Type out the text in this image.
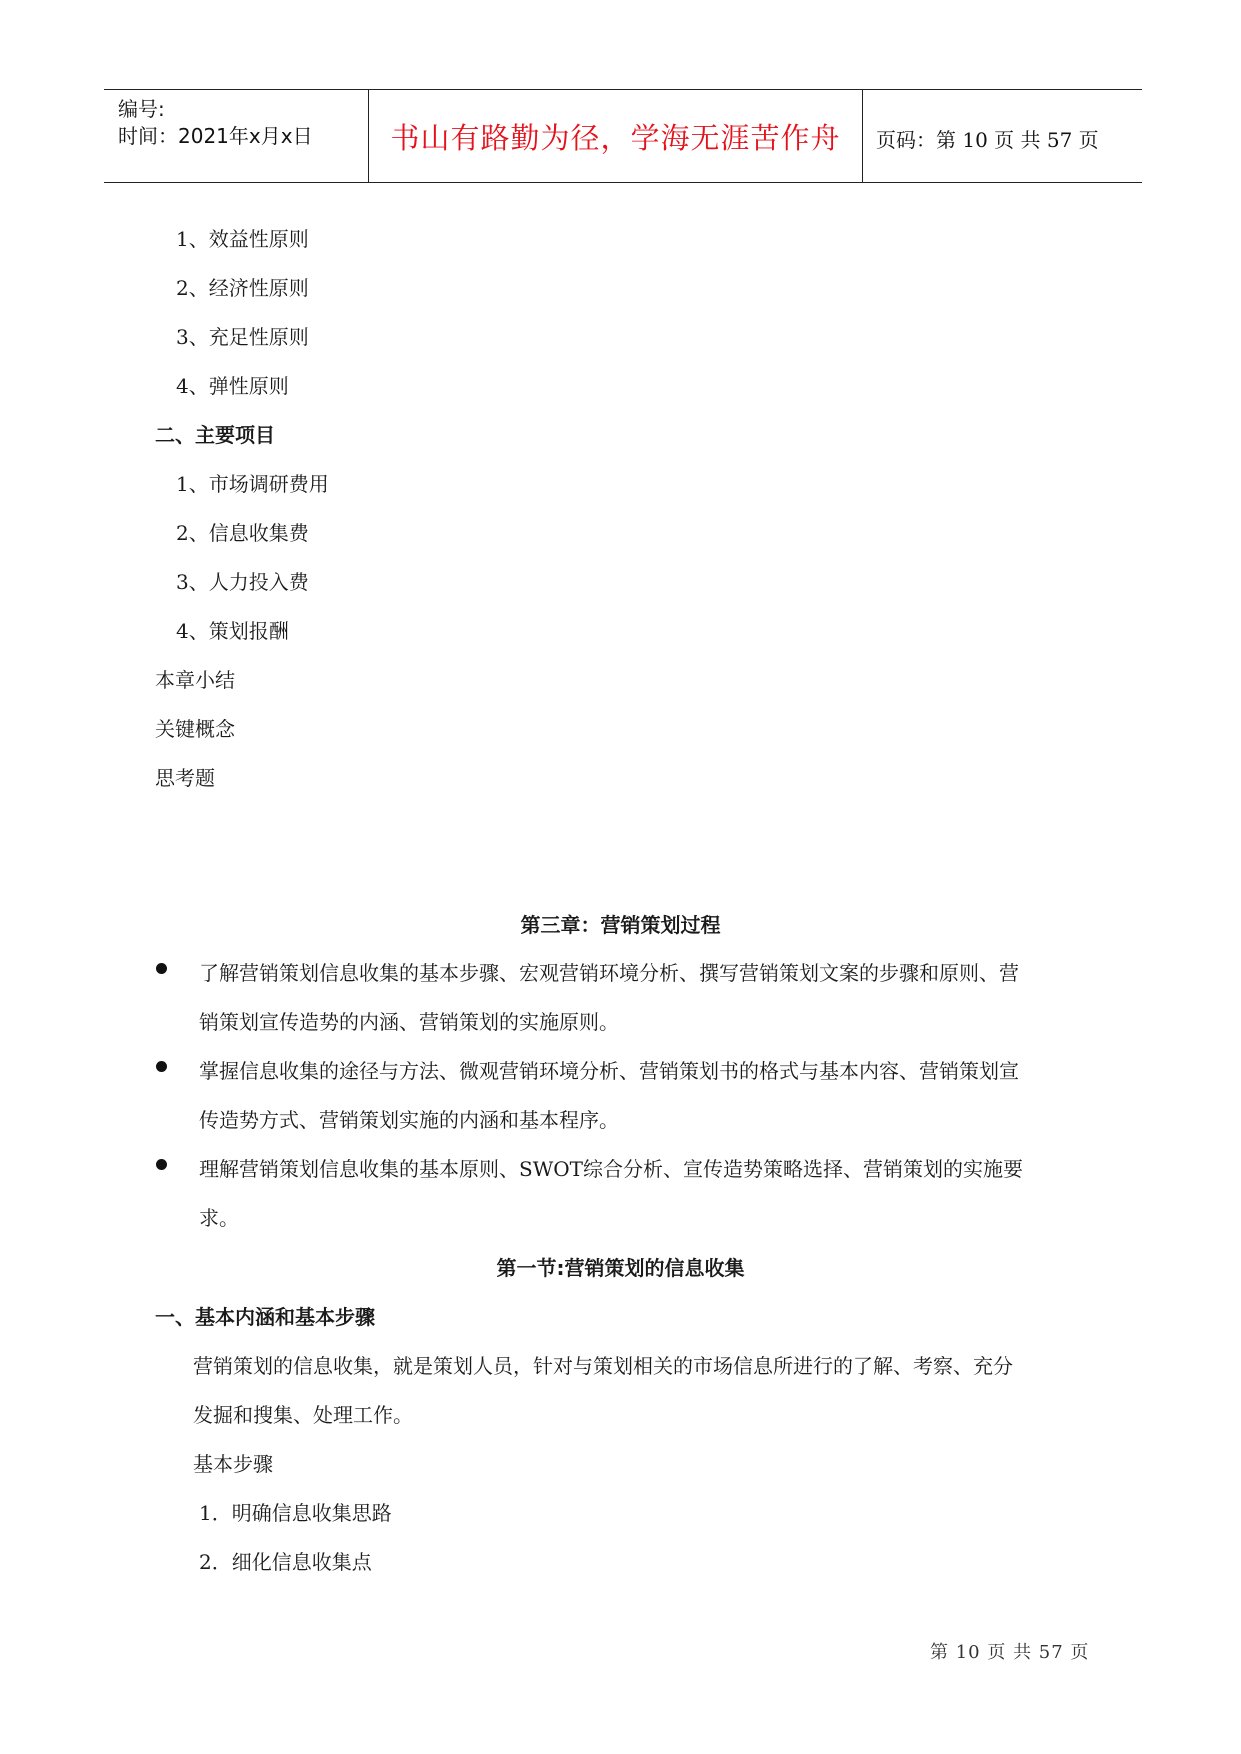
编号:
时间：2021年x月x日	书山有路勤为径，学海无涯苦作舟	页码：第 10 页 共 57 页
1、效益性原则
2、经济性原则
3、充足性原则
4、弹性原则
二、主要项目
1、市场调研费用
2、信息收集费
3、人力投入费
4、策划报酬
本章小结
关键概念
思考题
第三章：营销策划过程
了解营销策划信息收集的基本步骤、宏观营销环境分析、撰写营销策划文案的步骤和原则、营
销策划宣传造势的内涵、营销策划的实施原则。
掌握信息收集的途径与方法、微观营销环境分析、营销策划书的格式与基本内容、营销策划宣
传造势方式、营销策划实施的内涵和基本程序。
理解营销策划信息收集的基本原则、SWOT综合分析、宣传造势策略选择、营销策划的实施要
求。
第一节:营销策划的信息收集
一、基本内涵和基本步骤
营销策划的信息收集，就是策划人员，针对与策划相关的市场信息所进行的了解、考察、充分
发掘和搜集、处理工作。
基本步骤
1．明确信息收集思路
2．细化信息收集点
第 10 页 共 57 页
